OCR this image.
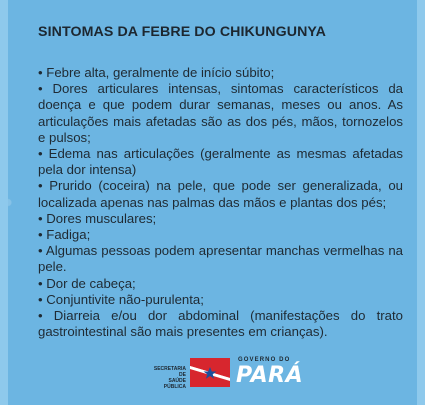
SINTOMAS DA FEBRE DO CHIKUNGUNYA

• Febre alta, geralmente de início súbito;

• Dores articulares intensas, sintomas característicos da doença e que podem durar semanas, meses ou anos. As articulações mais afetadas são as dos pés, mãos, tornozelos e pulsos;

• Edema nas articulações (geralmente as mesmas afetadas pela dor intensa)

• Prurido (coceira) na pele, que pode ser generalizada, ou localizada apenas nas palmas das mãos e plantas dos pés;

• Dores musculares;

• Fadiga;

• Algumas pessoas podem apresentar manchas vermelhas na pele.

• Dor de cabeça;

• Conjuntivite não-purulenta;

• Diarreia e/ou dor abdominal (manifestações do trato gastrointestinal são mais presentes em crianças).

SECRETARIA DE
SAÚDE PÚBLICA
GOVERNO DO
PARÁ
